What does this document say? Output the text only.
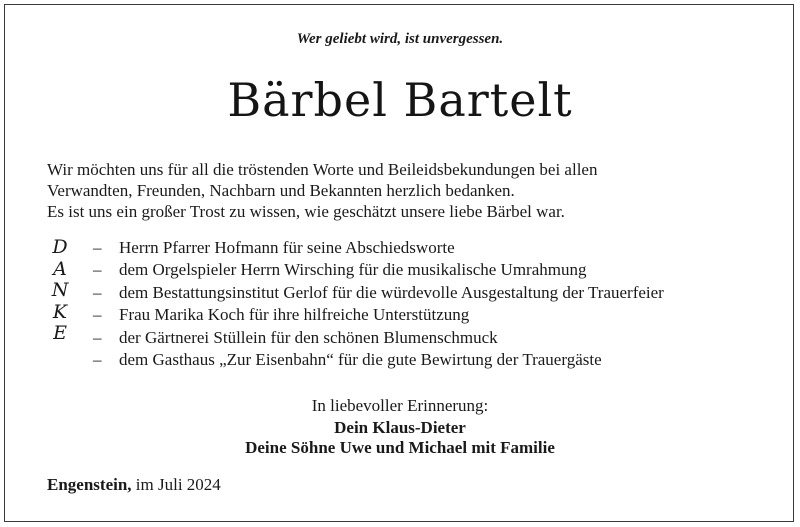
Wer geliebt wird, ist unvergessen.
Bärbel Bartelt
Wir möchten uns für all die tröstenden Worte und Beileidsbekundungen bei allen
Verwandten, Freunden, Nachbarn und Bekannten herzlich bedanken.
Es ist uns ein großer Trost zu wissen, wie geschätzt unsere liebe Bärbel war.
D
A
N
K
E
– Herrn Pfarrer Hofmann für seine Abschiedsworte
– dem Orgelspieler Herrn Wirsching für die musikalische Umrahmung
– dem Bestattungsinstitut Gerlof für die würdevolle Ausgestaltung der Trauerfeier
– Frau Marika Koch für ihre hilfreiche Unterstützung
– der Gärtnerei Stüllein für den schönen Blumenschmuck
– dem Gasthaus „Zur Eisenbahn“ für die gute Bewirtung der Trauergäste
In liebevoller Erinnerung:
Dein Klaus-Dieter
Deine Söhne Uwe und Michael mit Familie
Engenstein, im Juli 2024
